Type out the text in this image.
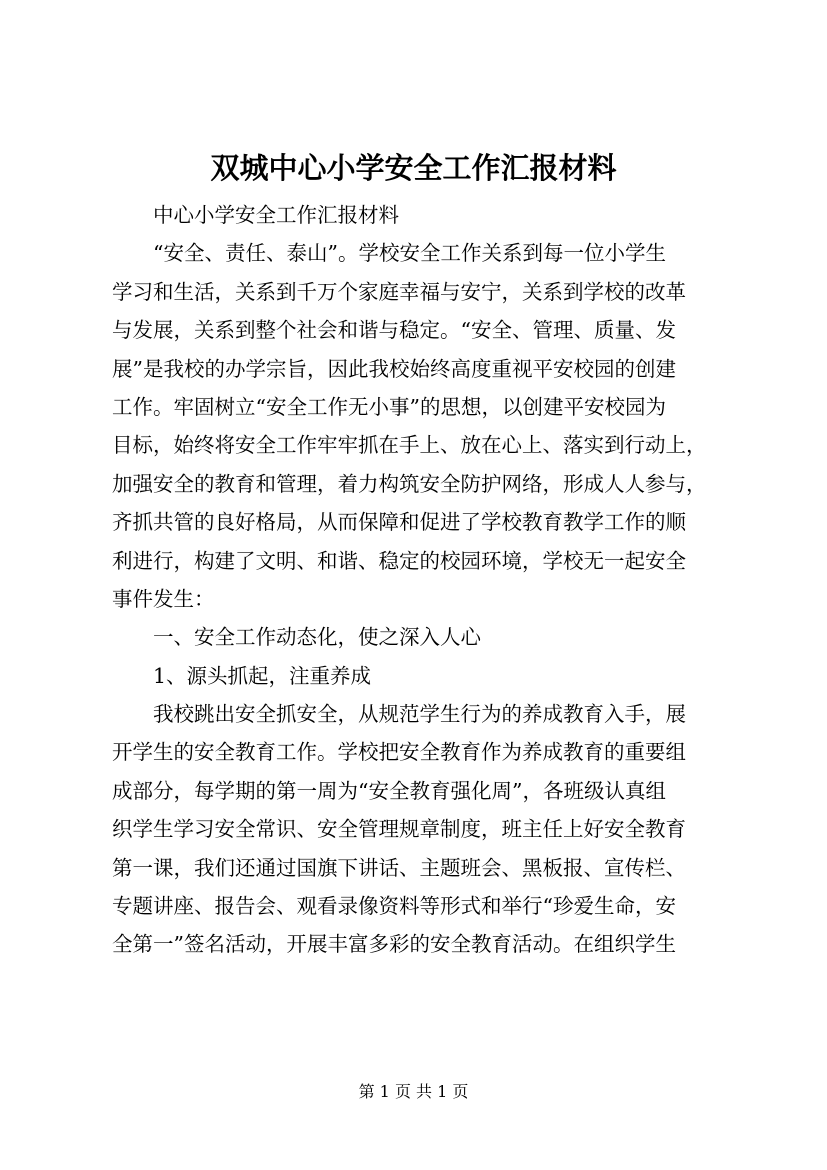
双城中心小学安全工作汇报材料
中心小学安全工作汇报材料
“安全、责任、泰山”。学校安全工作关系到每一位小学生
学习和生活，关系到千万个家庭幸福与安宁，关系到学校的改革
与发展，关系到整个社会和谐与稳定。“安全、管理、质量、发
展”是我校的办学宗旨，因此我校始终高度重视平安校园的创建
工作。牢固树立“安全工作无小事”的思想，以创建平安校园为
目标，始终将安全工作牢牢抓在手上、放在心上、落实到行动上，
加强安全的教育和管理，着力构筑安全防护网络，形成人人参与，
齐抓共管的良好格局，从而保障和促进了学校教育教学工作的顺
利进行，构建了文明、和谐、稳定的校园环境，学校无一起安全
事件发生：
一、安全工作动态化，使之深入人心
1、源头抓起，注重养成
我校跳出安全抓安全，从规范学生行为的养成教育入手，展
开学生的安全教育工作。学校把安全教育作为养成教育的重要组
成部分，每学期的第一周为“安全教育强化周”，各班级认真组
织学生学习安全常识、安全管理规章制度，班主任上好安全教育
第一课，我们还通过国旗下讲话、主题班会、黑板报、宣传栏、
专题讲座、报告会、观看录像资料等形式和举行“珍爱生命，安
全第一”签名活动，开展丰富多彩的安全教育活动。在组织学生
第 1 页 共 1 页
